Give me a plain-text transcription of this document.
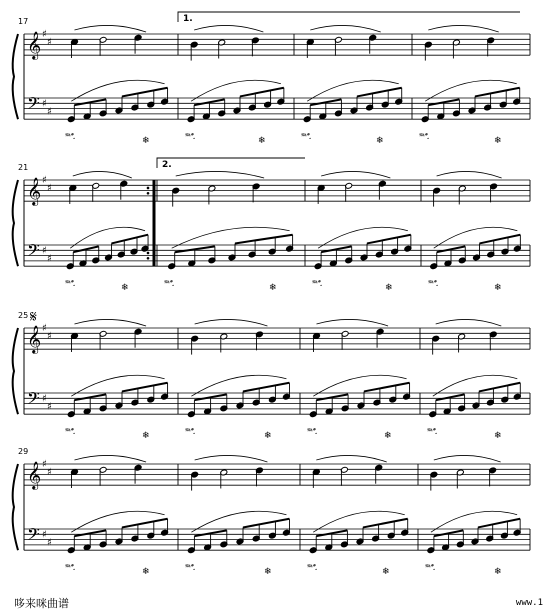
𝄞
𝄢
♯
♯
♯
♯
17
𝆮𝆯.	❄	𝆮𝆯.	❄	𝆮𝆯.	❄	𝆮𝆯.	❄
1.
𝄞
𝄢
♯
♯
♯
♯
21
𝆮𝆯.	❄	𝆮𝆯.	❄	𝆮𝆯.	❄	𝆮𝆯.	❄
2.
𝄞
𝄢
♯
♯
♯
♯
25
𝆮𝆯.	❄	𝆮𝆯.	❄	𝆮𝆯.	❄	𝆮𝆯.	❄
𝄋
𝄞
𝄢
♯
♯
♯
♯
29
𝆮𝆯.	❄	𝆮𝆯.	❄	𝆮𝆯.	❄	𝆮𝆯.	❄
哆来咪曲谱	www.1
